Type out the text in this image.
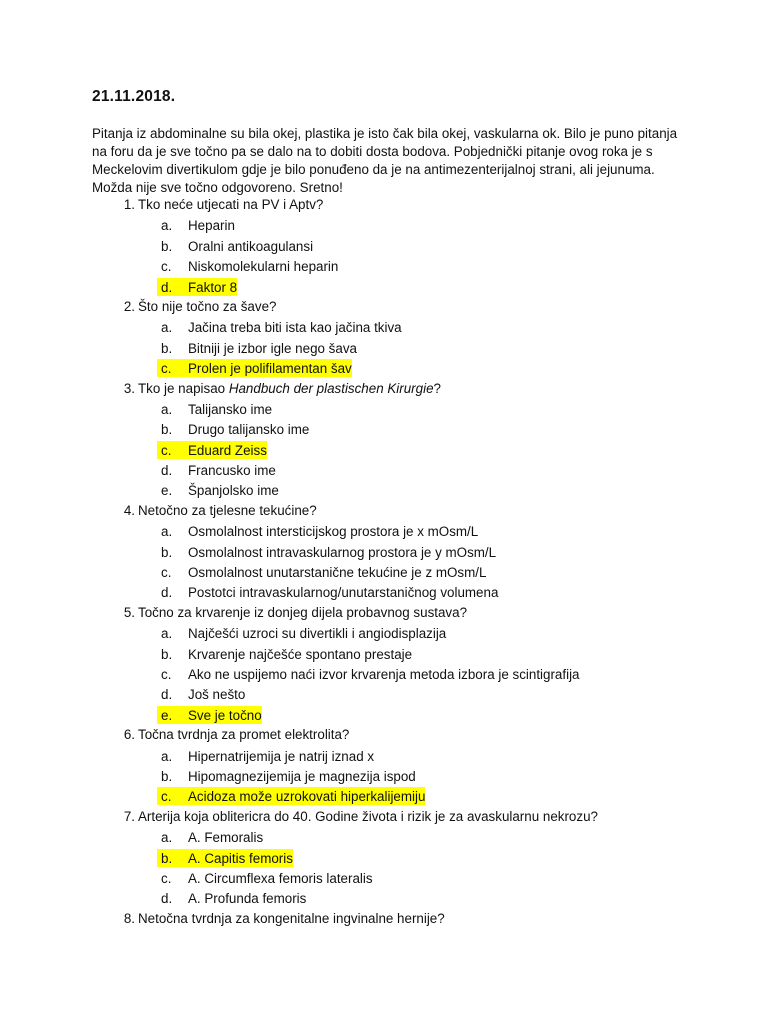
21.11.2018.
Pitanja iz abdominalne su bila okej, plastika je isto čak bila okej, vaskularna ok. Bilo je puno pitanja na foru da je sve točno pa se dalo na to dobiti dosta bodova. Pobjednički pitanje ovog roka je s Meckelovim divertikulom gdje je bilo ponuđeno da je na antimezenterijalnoj strani, ali jejunuma. Možda nije sve točno odgovoreno. Sretno!
1. Tko neće utjecati na PV i Aptv?
a. Heparin
b. Oralni antikoagulansi
c. Niskomolekularni heparin
d. Faktor 8
2. Što nije točno za šave?
a. Jačina treba biti ista kao jačina tkiva
b. Bitniji je izbor igle nego šava
c. Prolen je polifilamentan šav
3. Tko je napisao Handbuch der plastischen Kirurgie?
a. Talijansko ime
b. Drugo talijansko ime
c. Eduard Zeiss
d. Francusko ime
e. Španjolsko ime
4. Netočno za tjelesne tekućine?
a. Osmolalnost intersticijskog prostora je x mOsm/L
b. Osmolalnost intravaskularnog prostora je y mOsm/L
c. Osmolalnost unutarstanične tekućine je z mOsm/L
d. Postotci intravaskularnog/unutarstaničnog volumena
5. Točno za krvarenje iz donjeg dijela probavnog sustava?
a. Najčešći uzroci su divertikli i angiodisplazija
b. Krvarenje najčešće spontano prestaje
c. Ako ne uspijemo naći izvor krvarenja metoda izbora je scintigrafija
d. Još nešto
e. Sve je točno
6. Točna tvrdnja za promet elektrolita?
a. Hipernatrijemija je natrij iznad x
b. Hipomagnezijemija je magnezija ispod
c. Acidoza može uzrokovati hiperkalijemiju
7. Arterija koja oblitericra do 40. Godine života i rizik je za avaskularnu nekrozu?
a. A. Femoralis
b. A. Capitis femoris
c. A. Circumflexa femoris lateralis
d. A. Profunda femoris
8. Netočna tvrdnja za kongenitalne ingvinalne hernije?
